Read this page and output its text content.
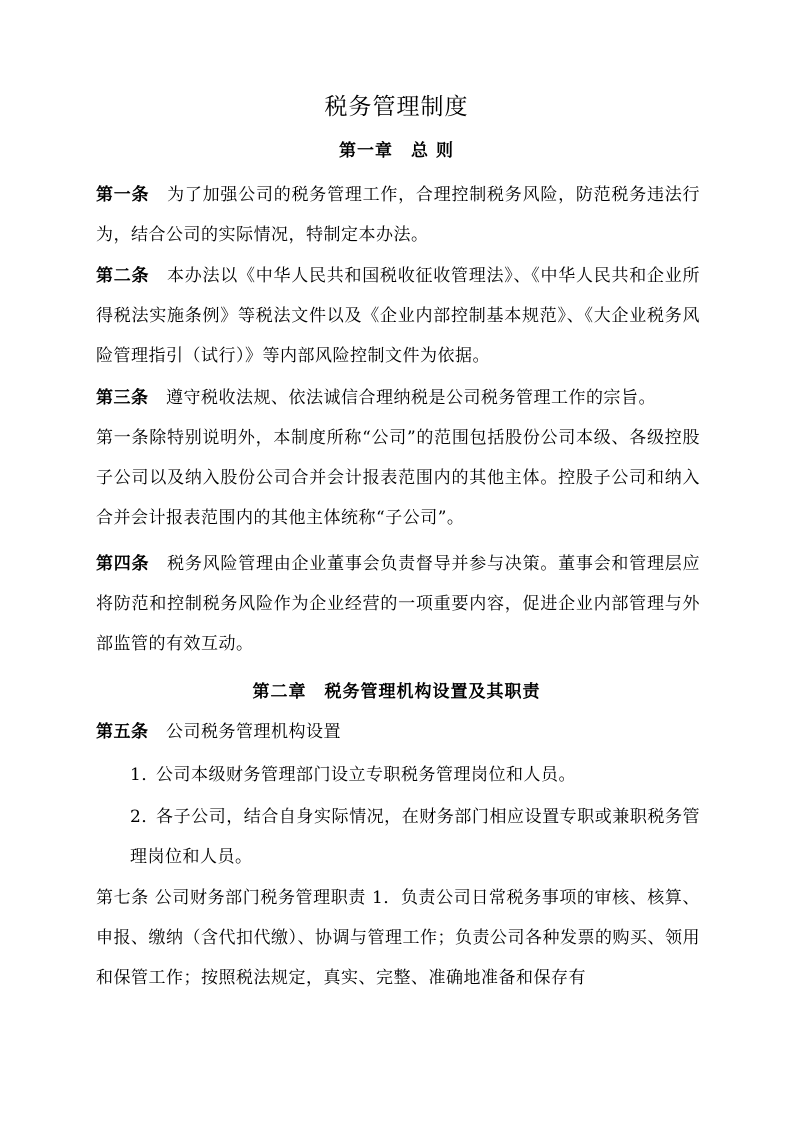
税务管理制度
第一章　总 则

第一条　 为了加强公司的税务管理工作，合理控制税务风险，防范税务违法行为，结合公司的实际情况，特制定本办法。

第二条　 本办法以《中华人民共和国税收征收管理法》、《中华人民共和企业所得税法实施条例》等税法文件以及《企业内部控制基本规范》、《大企业税务风险管理指引（试行）》等内部风险控制文件为依据。

第三条　 遵守税收法规、依法诚信合理纳税是公司税务管理工作的宗旨。

第一条除特别说明外，本制度所称“公司”的范围包括股份公司本级、各级控股子公司以及纳入股份公司合并会计报表范围内的其他主体。控股子公司和纳入合并会计报表范围内的其他主体统称“子公司”。

第四条　 税务风险管理由企业董事会负责督导并参与决策。董事会和管理层应将防范和控制税务风险作为企业经营的一项重要内容，促进企业内部管理与外部监管的有效互动。

第二章　税务管理机构设置及其职责

第五条　 公司税务管理机构设置

1．公司本级财务管理部门设立专职税务管理岗位和人员。

2．各子公司，结合自身实际情况，在财务部门相应设置专职或兼职税务管理岗位和人员。

第七条 公司财务部门税务管理职责 1．负责公司日常税务事项的审核、核算、申报、缴纳（含代扣代缴）、协调与管理工作；负责公司各种发票的购买、领用和保管工作；按照税法规定，真实、完整、准确地准备和保存有
